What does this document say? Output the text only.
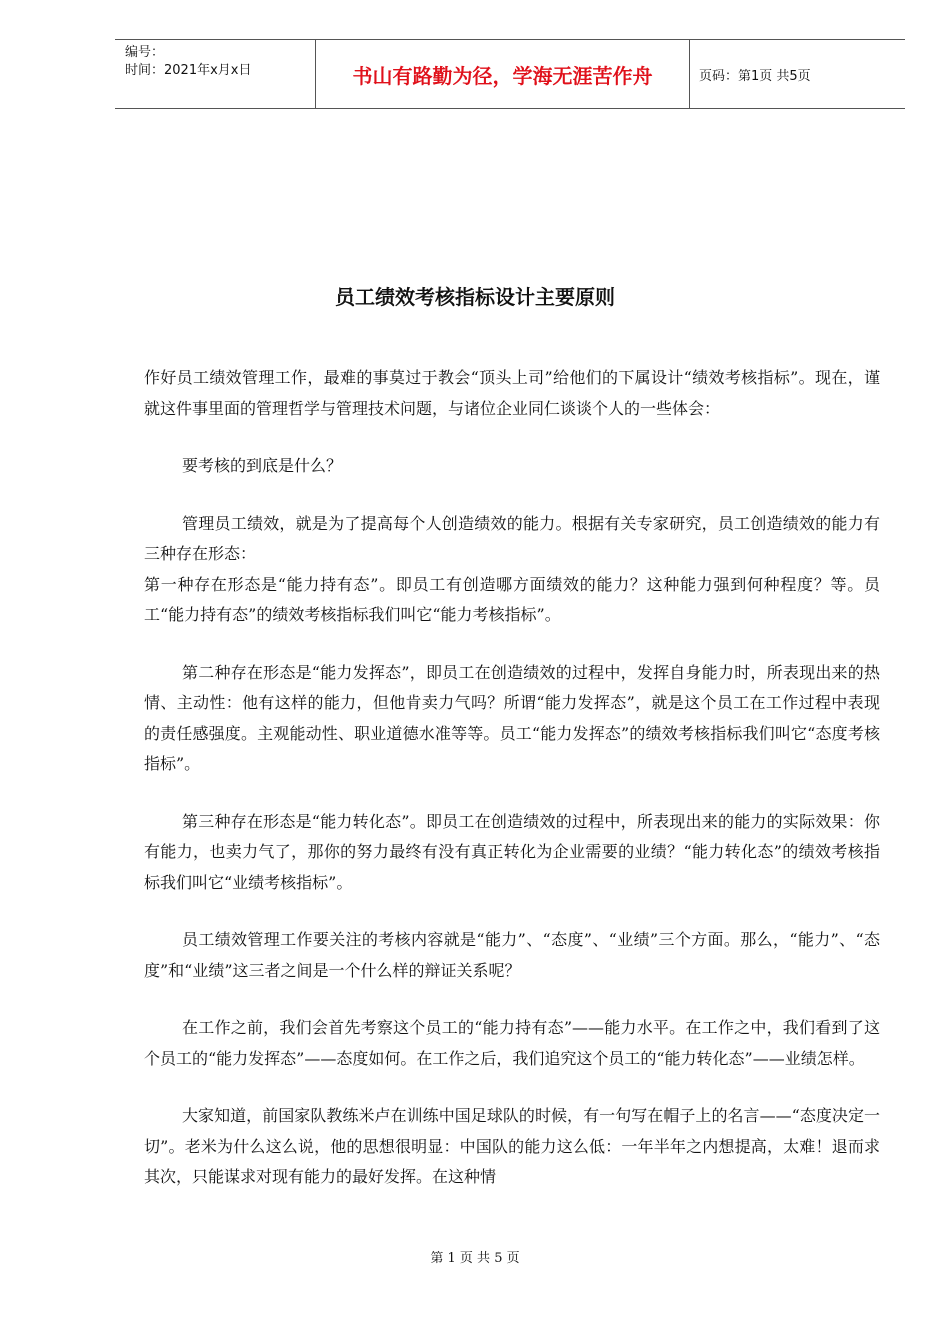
编号：
时间：2021年x月x日	书山有路勤为径，学海无涯苦作舟	页码：第1页 共5页
员工绩效考核指标设计主要原则

作好员工绩效管理工作，最难的事莫过于教会“顶头上司”给他们的下属设计“绩效考核指标”。现在，谨就这件事里面的管理哲学与管理技术问题，与诸位企业同仁谈谈个人的一些体会：

要考核的到底是什么？

管理员工绩效，就是为了提高每个人创造绩效的能力。根据有关专家研究，员工创造绩效的能力有三种存在形态：

第一种存在形态是“能力持有态”。即员工有创造哪方面绩效的能力？这种能力强到何种程度？等。员工“能力持有态”的绩效考核指标我们叫它“能力考核指标”。

第二种存在形态是“能力发挥态”，即员工在创造绩效的过程中，发挥自身能力时，所表现出来的热情、主动性：他有这样的能力，但他肯卖力气吗？所谓“能力发挥态”，就是这个员工在工作过程中表现的责任感强度。主观能动性、职业道德水准等等。员工“能力发挥态”的绩效考核指标我们叫它“态度考核指标”。

第三种存在形态是“能力转化态”。即员工在创造绩效的过程中，所表现出来的能力的实际效果：你有能力，也卖力气了，那你的努力最终有没有真正转化为企业需要的业绩？“能力转化态”的绩效考核指标我们叫它“业绩考核指标”。

员工绩效管理工作要关注的考核内容就是“能力”、“态度”、“业绩”三个方面。那么，“能力”、“态度”和“业绩”这三者之间是一个什么样的辩证关系呢？

在工作之前，我们会首先考察这个员工的“能力持有态”——能力水平。在工作之中，我们看到了这个员工的“能力发挥态”——态度如何。在工作之后，我们追究这个员工的“能力转化态”——业绩怎样。

大家知道，前国家队教练米卢在训练中国足球队的时候，有一句写在帽子上的名言——“态度决定一切”。老米为什么这么说，他的思想很明显：中国队的能力这么低：一年半年之内想提高，太难！退而求其次，只能谋求对现有能力的最好发挥。在这种情

第 1 页 共 5 页
